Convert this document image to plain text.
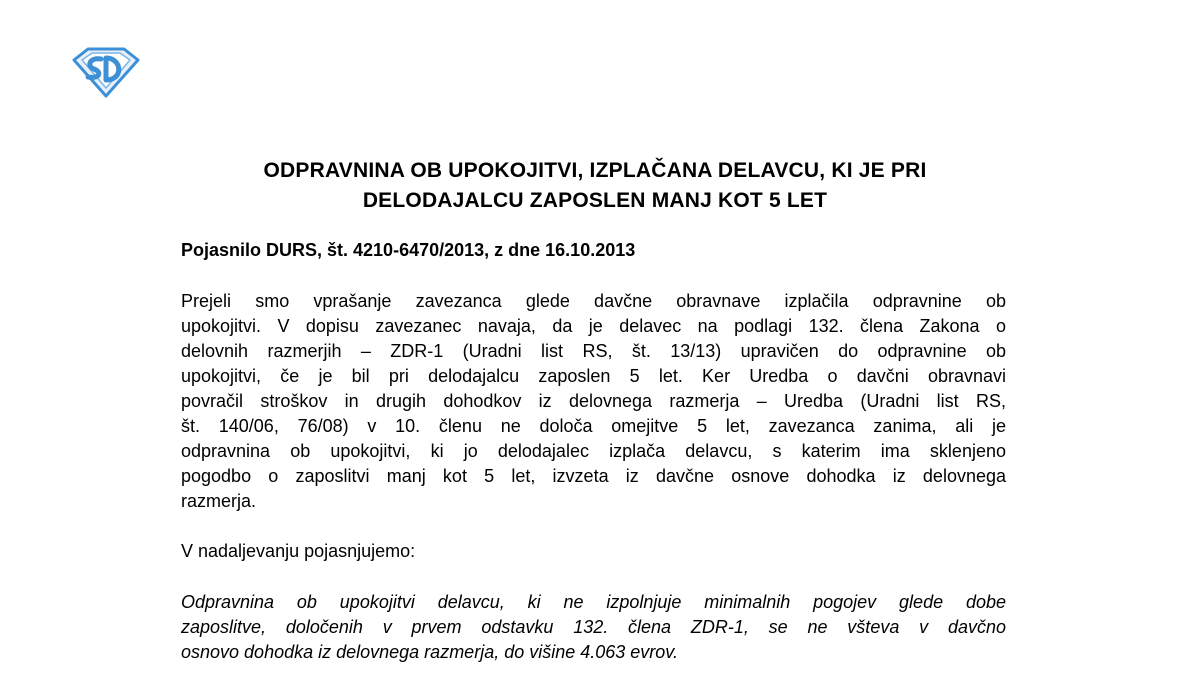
ODPRAVNINA OB UPOKOJITVI, IZPLAČANA DELAVCU, KI JE PRI
DELODAJALCU ZAPOSLEN MANJ KOT 5 LET

Pojasnilo DURS, št. 4210-6470/2013, z dne 16.10.2013

Prejeli smo vprašanje zavezanca glede davčne obravnave izplačila odpravnine ob
upokojitvi. V dopisu zavezanec navaja, da je delavec na podlagi 132. člena Zakona o
delovnih razmerjih – ZDR-1 (Uradni list RS, št. 13/13) upravičen do odpravnine ob
upokojitvi, če je bil pri delodajalcu zaposlen 5 let. Ker Uredba o davčni obravnavi
povračil stroškov in drugih dohodkov iz delovnega razmerja – Uredba (Uradni list RS,
št. 140/06, 76/08) v 10. členu ne določa omejitve 5 let, zavezanca zanima, ali je
odpravnina ob upokojitvi, ki jo delodajalec izplača delavcu, s katerim ima sklenjeno
pogodbo o zaposlitvi manj kot 5 let, izvzeta iz davčne osnove dohodka iz delovnega
razmerja.

V nadaljevanju pojasnjujemo:

Odpravnina ob upokojitvi delavcu, ki ne izpolnjuje minimalnih pogojev glede dobe
zaposlitve, določenih v prvem odstavku 132. člena ZDR-1, se ne všteva v davčno
osnovo dohodka iz delovnega razmerja, do višine 4.063 evrov.
